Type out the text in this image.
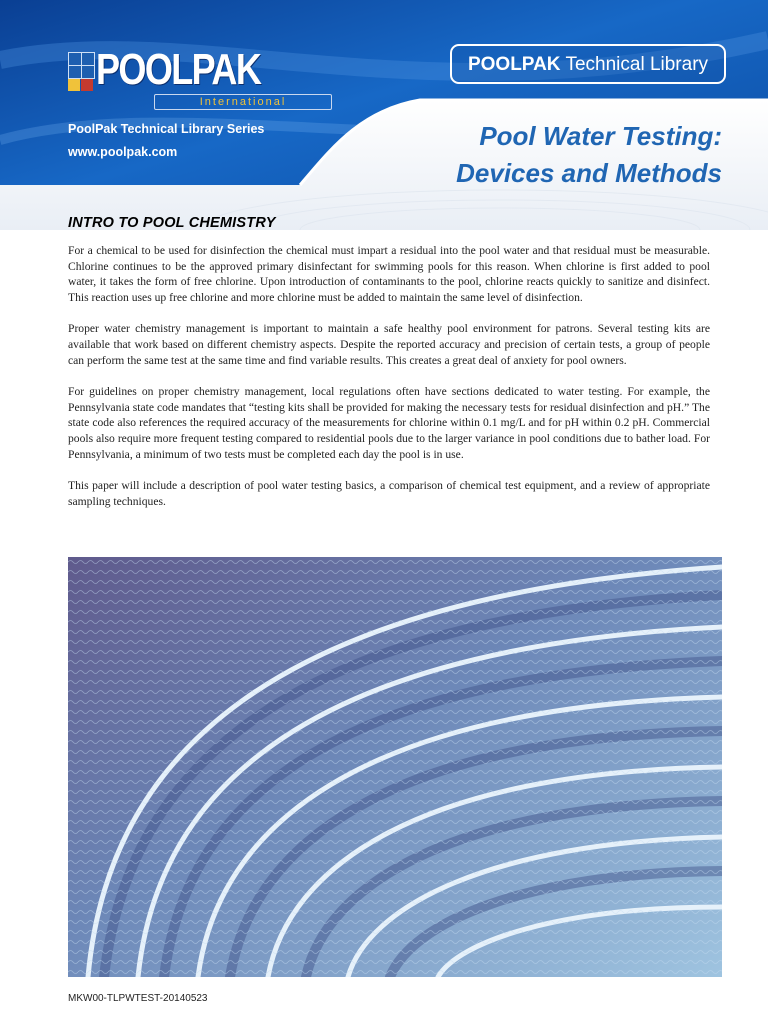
POOLPAK
International
PoolPak Technical Library Series
www.poolpak.com
POOLPAK Technical Library
Pool Water Testing:
Devices and Methods
INTRO TO POOL CHEMISTRY

For a chemical to be used for disinfection the chemical must impart a residual into the pool water and that residual must be measurable. Chlorine continues to be the approved primary disinfectant for swimming pools for this reason. When chlorine is first added to pool water, it takes the form of free chlorine. Upon introduction of contaminants to the pool, chlorine reacts quickly to sanitize and disinfect. This reaction uses up free chlorine and more chlorine must be added to maintain the same level of disinfection.

Proper water chemistry management is important to maintain a safe healthy pool environment for patrons. Several testing kits are available that work based on different chemistry aspects. Despite the reported accuracy and precision of certain tests, a group of people can perform the same test at the same time and find variable results. This creates a great deal of anxiety for pool owners.

For guidelines on proper chemistry management, local regulations often have sections dedicated to water testing. For example, the Pennsylvania state code mandates that “testing kits shall be provided for making the necessary tests for residual disinfection and pH.” The state code also references the required accuracy of the measurements for chlorine within 0.1 mg/L and for pH within 0.2 pH. Commercial pools also require more frequent testing compared to residential pools due to the larger variance in pool conditions due to bather load. For Pennsylvania, a minimum of two tests must be completed each day the pool is in use.

This paper will include a description of pool water testing basics, a comparison of chemical test equipment, and a review of appropriate sampling techniques.

MKW00-TLPWTEST-20140523
